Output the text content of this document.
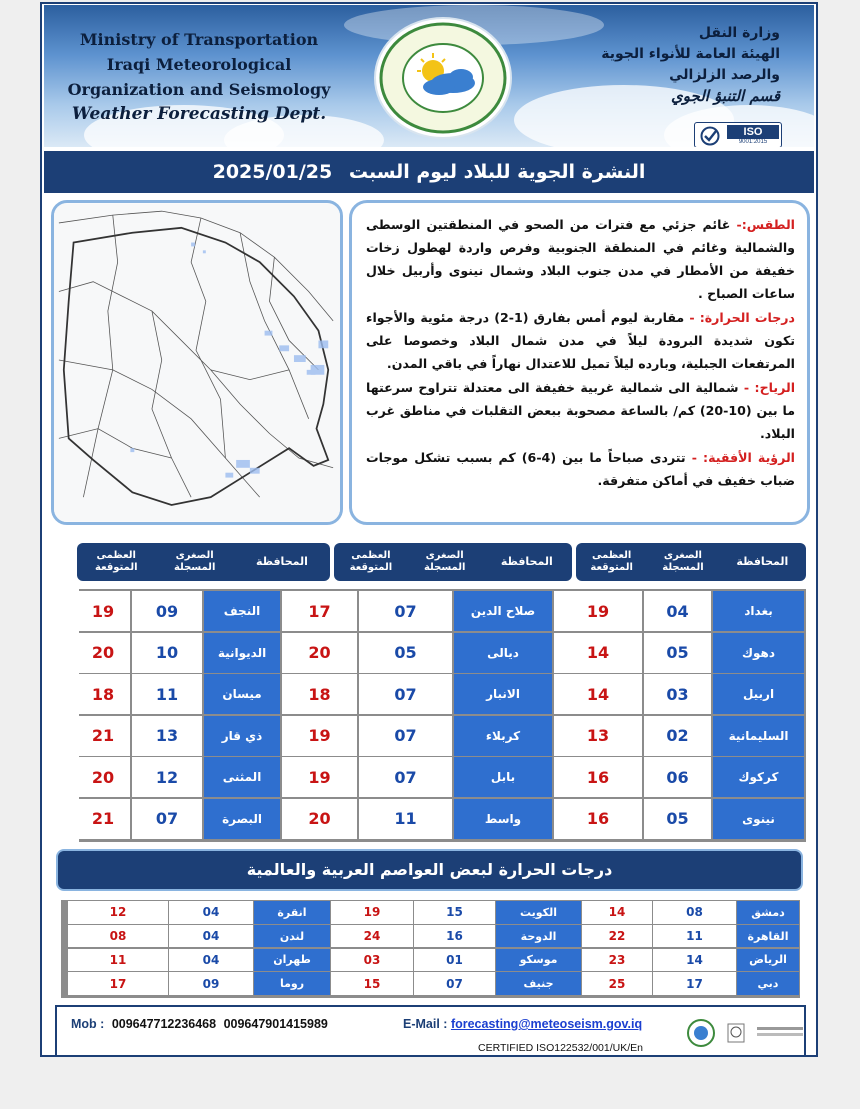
Ministry of Transportation
Iraqi Meteorological
Organization and Seismology
Weather Forecasting Dept.
وزارة النقل
الهيئة العامة للأنواء الجوية
والرصد الزلزالي
قسم التنبؤ الجوي
ISO
9001:2015
النشرة الجوية للبلاد ليوم السبت 2025/01/25

الطقس:- غائم جزئي مع فترات من الصحو في المنطقتين الوسطى والشمالية وغائم في المنطقة الجنوبية وفرص واردة لهطول زخات خفيفة من الأمطار في مدن جنوب البلاد وشمال نينوى وأربيل خلال ساعات الصباح .

درجات الحرارة: - مقاربة ليوم أمس بفارق (1-2) درجة مئوية والأجواء تكون شديدة البرودة ليلاً في مدن شمال البلاد وخصوصا على المرتفعات الجبلية، وبارده ليلاً تميل للاعتدال نهاراً في باقي المدن.

الرياح: - شمالية الى شمالية غربية خفيفة الى معتدلة تتراوح سرعتها ما بين (10-20) كم/ بالساعة مصحوبة ببعض التقلبات في مناطق غرب البلاد.

الرؤية الأفقية: - تتردى صباحاً ما بين (4-6) كم بسبب تشكل موجات ضباب خفيف في أماكن متفرقة.

المحافظة
الصغرى
المسجلة
العظمى
المتوقعة
المحافظة
الصغرى
المسجلة
العظمى
المتوقعة
المحافظة
الصغرى
المسجلة
العظمى
المتوقعة
بغداد
04
19
صلاح الدين
07
17
النجف
09
19
دهوك
05
14
ديالى
05
20
الديوانية
10
20
اربيل
03
14
الانبار
07
18
ميسان
11
18
السليمانية
02
13
كربلاء
07
19
ذي قار
13
21
كركوك
06
16
بابل
07
19
المثنى
12
20
نينوى
05
16
واسط
11
20
البصرة
07
21
درجات الحرارة لبعض العواصم العربية والعالمية
دمشق
08
14
الكويت
15
19
انقرة
04
12
القاهرة
11
22
الدوحة
16
24
لندن
04
08
الرياض
14
23
موسكو
01
03
طهران
04
11
دبي
17
25
جنيف
07
15
روما
09
17
Mob : 009647712236468 009647901415989	E-Mail : forecasting@meteoseism.gov.iq
CERTIFIED ISO122532/001/UK/En
